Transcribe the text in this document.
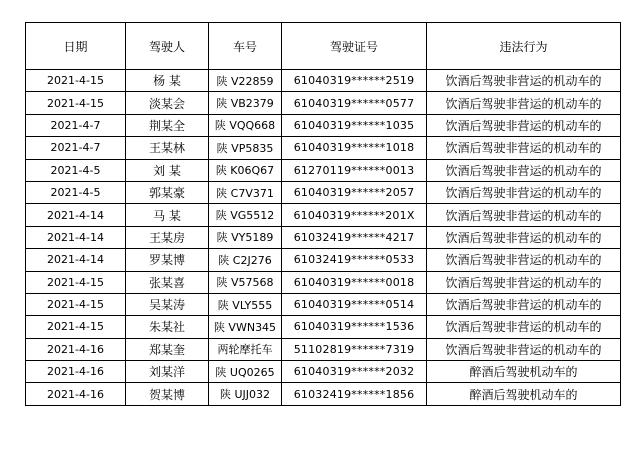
日期	驾驶人	车号	驾驶证号	违法行为
2021-4-15	杨 某	陕 V22859	61040319******2519	饮酒后驾驶非营运的机动车的
2021-4-15	淡某会	陕 VB2379	61040319******0577	饮酒后驾驶非营运的机动车的
2021-4-7	荆某全	陕 VQQ668	61040319******1035	饮酒后驾驶非营运的机动车的
2021-4-7	王某林	陕 VP5835	61040319******1018	饮酒后驾驶非营运的机动车的
2021-4-5	刘 某	陕 K06Q67	61270119******0013	饮酒后驾驶非营运的机动车的
2021-4-5	郭某豪	陕 C7V371	61040319******2057	饮酒后驾驶非营运的机动车的
2021-4-14	马 某	陕 VG5512	61040319******201X	饮酒后驾驶非营运的机动车的
2021-4-14	王某房	陕 VY5189	61032419******4217	饮酒后驾驶非营运的机动车的
2021-4-14	罗某博	陕 C2J276	61032419******0533	饮酒后驾驶非营运的机动车的
2021-4-15	张某喜	陕 V57568	61040319******0018	饮酒后驾驶非营运的机动车的
2021-4-15	吴某涛	陕 VLY555	61040319******0514	饮酒后驾驶非营运的机动车的
2021-4-15	朱某社	陕 VWN345	61040319******1536	饮酒后驾驶非营运的机动车的
2021-4-16	郑某奎	两轮摩托车	51102819******7319	饮酒后驾驶非营运的机动车的
2021-4-16	刘某洋	陕 UQ0265	61040319******2032	醉酒后驾驶机动车的
2021-4-16	贺某博	陕 UJJ032	61032419******1856	醉酒后驾驶机动车的
